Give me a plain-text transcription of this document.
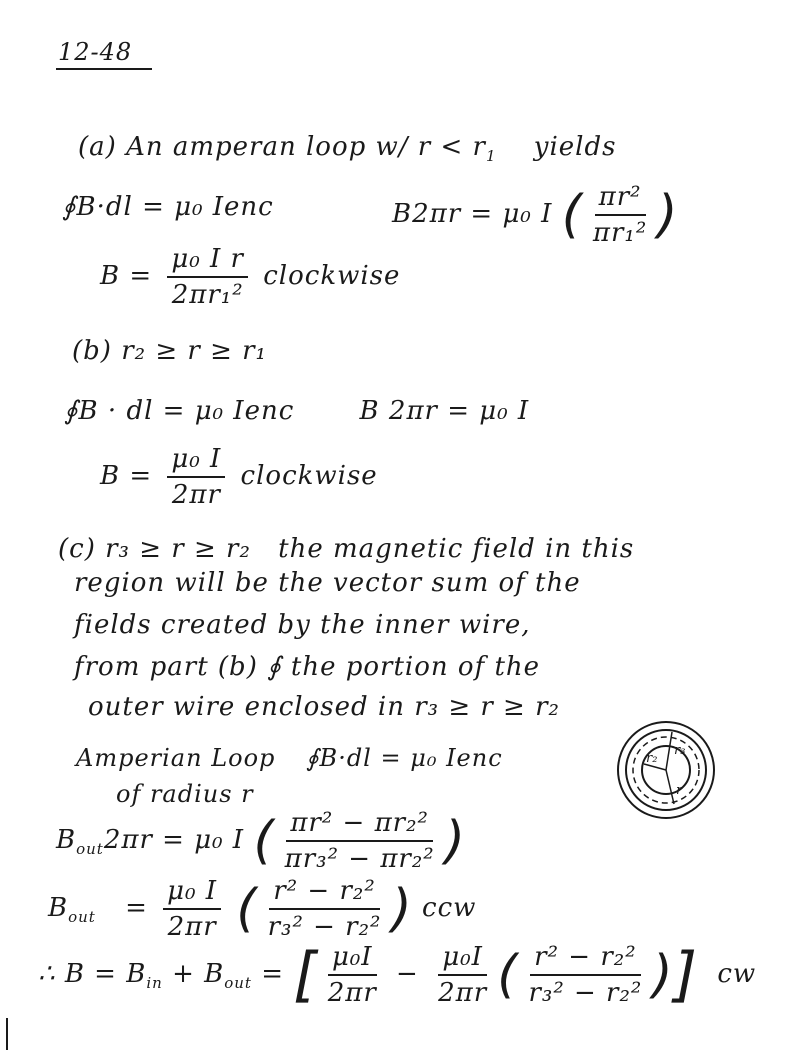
12-48
(a) An amperan loop w/ $r < r_1$ yields
∮B·dl = μ₀ Ienc	B2πr = μ₀ I ( $\frac{\text{πr²}}{\text{πr₁²}}$ )
$B = \frac{\text{μ₀ I r}}{\text{2πr₁²}}$ clockwise
(b) r₂ ≥ r ≥ r₁
∮B · dl = μ₀ Ienc	B 2πr = μ₀ I
$B = \frac{\text{μ₀ I}}{2\pi r}$ clockwise
(c) r₃ ≥ r ≥ r₂ the magnetic field in this
region will be the vector sum of the
fields created by the inner wire,
from part (b) ∮ the portion of the
outer wire enclosed in r₃ ≥ r ≥ r₂
Amperian Loop ∮B·dl = μ₀ Ienc
of radius r
r₂
r₃
r
$B_{out}2\pi r = \mu_0$ I ( $\frac{\text{πr² − πr₂²}}{\text{πr₃² − πr₂²}}$ )
$B_{out} = \frac{\text{μ₀ I}}{2\pi r}$ ( $\frac{\text{r² − r₂²}}{\text{r₃² − r₂²}}$ ) ccw
∴ $B = B_{in} + B_{out}$ = [ $\frac{\text{μ₀I}}{2\pi r} - \frac{\text{μ₀I}}{2\pi r}$ ( $\frac{\text{r² − r₂²}}{\text{r₃² − r₂²}}$ )] cw
